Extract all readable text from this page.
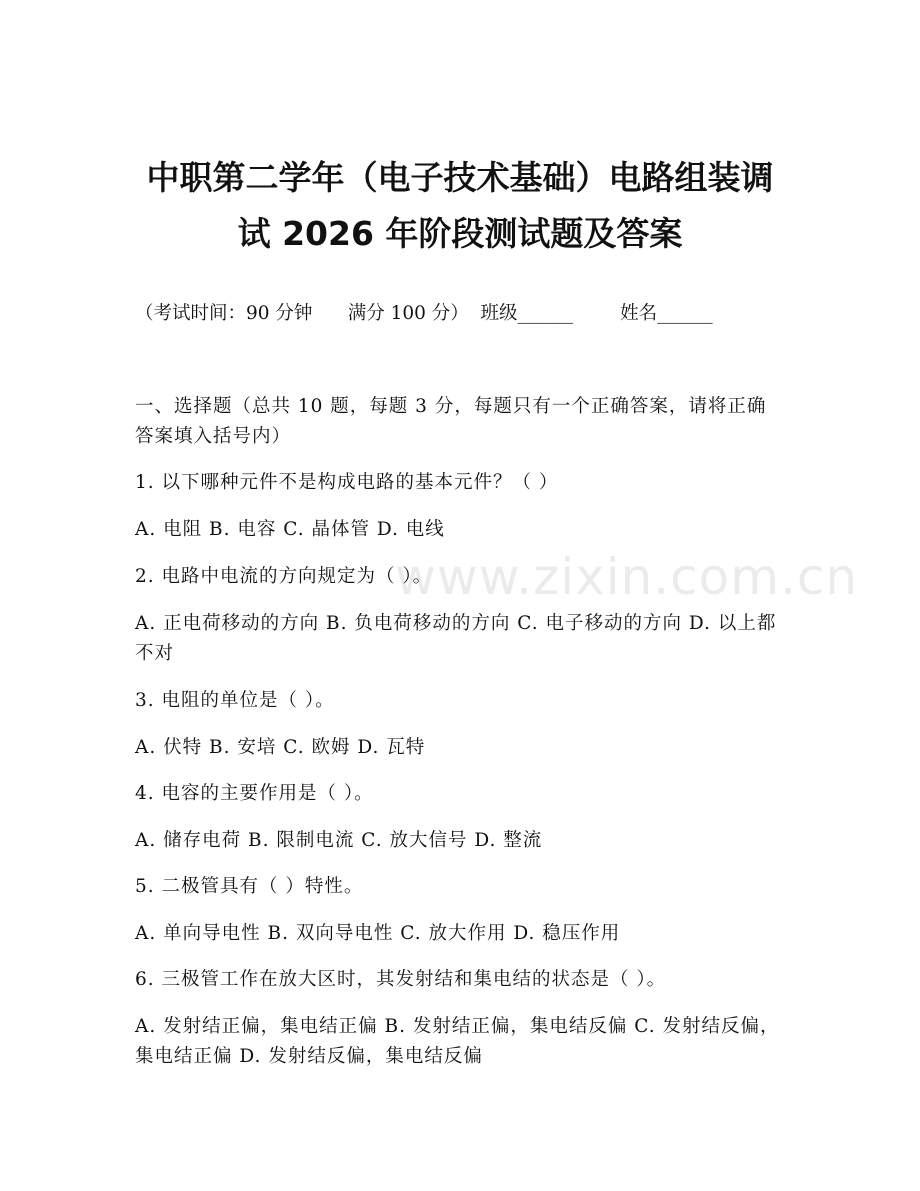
中职第二学年（电子技术基础）电路组装调
试 2026 年阶段测试题及答案
（考试时间：90 分钟      满分 100 分）  班级______        姓名______
一、选择题（总共 10 题，每题 3 分，每题只有一个正确答案，请将正确答案填入括号内）
1. 以下哪种元件不是构成电路的基本元件？（ ）
A. 电阻 B. 电容 C. 晶体管 D. 电线
2. 电路中电流的方向规定为（ ）。
A. 正电荷移动的方向 B. 负电荷移动的方向 C. 电子移动的方向 D. 以上都不对
3. 电阻的单位是（ ）。
A. 伏特 B. 安培 C. 欧姆 D. 瓦特
4. 电容的主要作用是（ ）。
A. 储存电荷 B. 限制电流 C. 放大信号 D. 整流
5. 二极管具有（ ）特性。
A. 单向导电性 B. 双向导电性 C. 放大作用 D. 稳压作用
6. 三极管工作在放大区时，其发射结和集电结的状态是（ ）。
A. 发射结正偏，集电结正偏 B. 发射结正偏，集电结反偏 C. 发射结反偏，集电结正偏 D. 发射结反偏，集电结反偏
www.zixin.com.cn
